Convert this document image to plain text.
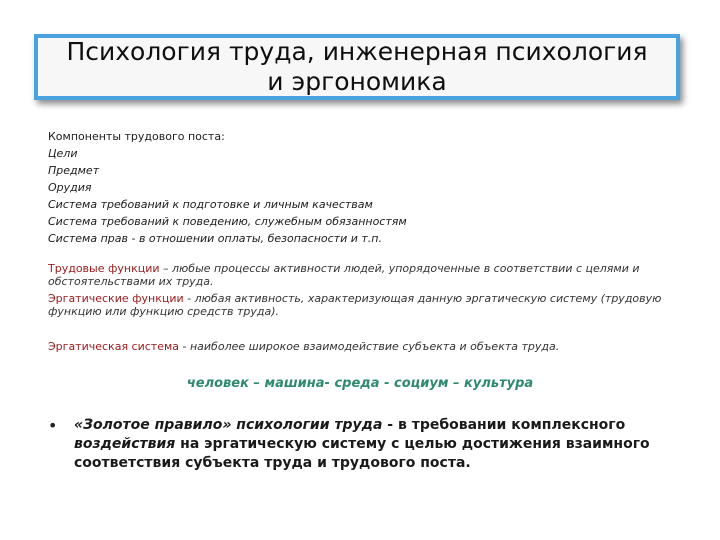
Психология труда, инженерная психология
и эргономика
Компоненты трудового поста:
Цели
Предмет
Орудия
Система требований к подготовке и личным качествам
Система требований к поведению, служебным обязанностям
Система прав - в отношении оплаты, безопасности и т.п.
Трудовые функции – любые процессы активности людей, упорядоченные в соответствии с целями и обстоятельствами их труда.
Эргатические функции - любая активность, характеризующая данную эргатическую систему (трудовую функцию или функцию средств труда).
Эргатическая система - наиболее широкое взаимодействие субъекта и объекта труда.
человек – машина- среда - социум – культура
• «Золотое правило» психологии труда - в требовании комплексного воздействия на эргатическую систему с целью достижения взаимного соответствия субъекта труда и трудового поста.
